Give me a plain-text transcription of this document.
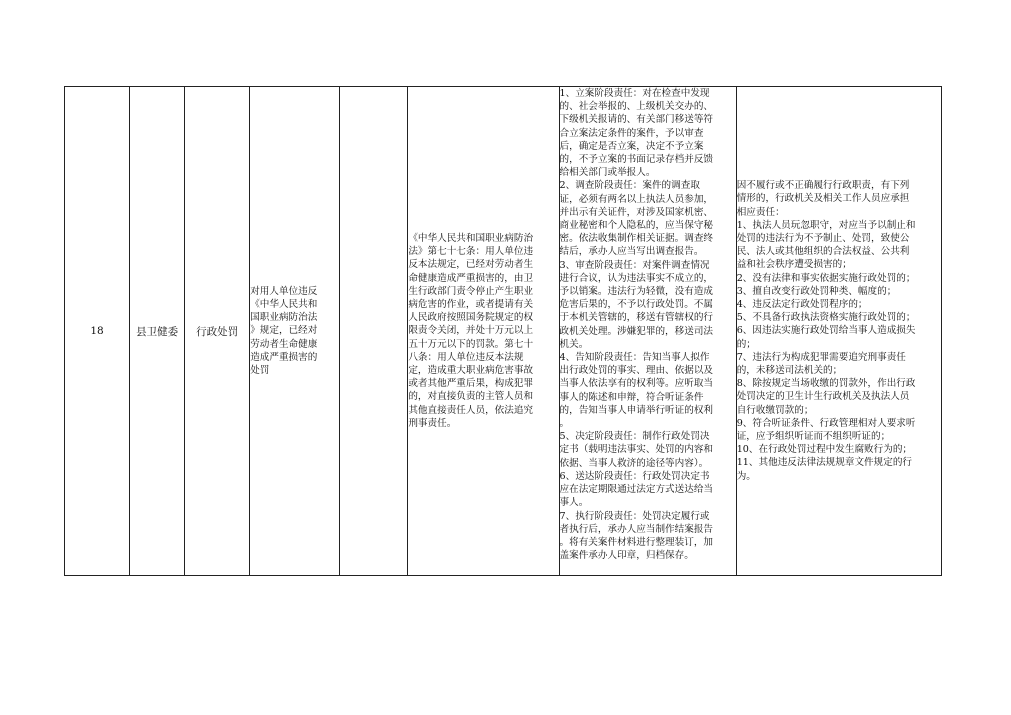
18	县卫健委	行政处罚	对用人单位违反
《中华人民共和
国职业病防治法
》规定，已经对
劳动者生命健康
造成严重损害的
处罚		《中华人民共和国职业病防治
法》第七十七条：用人单位违
反本法规定，已经对劳动者生
命健康造成严重损害的，由卫
生行政部门责令停止产生职业
病危害的作业，或者提请有关
人民政府按照国务院规定的权
限责令关闭，并处十万元以上
五十万元以下的罚款。第七十
八条：用人单位违反本法规
定，造成重大职业病危害事故
或者其他严重后果，构成犯罪
的，对直接负责的主管人员和
其他直接责任人员，依法追究
刑事责任。	1、立案阶段责任：对在检查中发现
的、社会举报的、上级机关交办的、
下级机关报请的、有关部门移送等符
合立案法定条件的案件，予以审查
后，确定是否立案，决定不予立案
的，不予立案的书面记录存档并反馈
给相关部门或举报人。
2、调查阶段责任：案件的调查取
证，必须有两名以上执法人员参加，
并出示有关证件，对涉及国家机密、
商业秘密和个人隐私的，应当保守秘
密。依法收集制作相关证据。调查终
结后，承办人应当写出调查报告。
3、审查阶段责任：对案件调查情况
进行合议，认为违法事实不成立的，
予以销案。违法行为轻微，没有造成
危害后果的，不予以行政处罚。不属
于本机关管辖的，移送有管辖权的行
政机关处理。涉嫌犯罪的，移送司法
机关。
4、告知阶段责任：告知当事人拟作
出行政处罚的事实、理由、依据以及
当事人依法享有的权利等。应听取当
事人的陈述和申辩，符合听证条件
的，告知当事人申请举行听证的权利
。
5、决定阶段责任：制作行政处罚决
定书（载明违法事实、处罚的内容和
依据、当事人救济的途径等内容）。
6、送达阶段责任：行政处罚决定书
应在法定期限通过法定方式送达给当
事人。
7、执行阶段责任：处罚决定履行或
者执行后，承办人应当制作结案报告
。将有关案件材料进行整理装订，加
盖案件承办人印章，归档保存。	因不履行或不正确履行行政职责，有下列
情形的，行政机关及相关工作人员应承担
相应责任：
1、执法人员玩忽职守，对应当予以制止和
处罚的违法行为不予制止、处罚，致使公
民、法人或其他组织的合法权益、公共利
益和社会秩序遭受损害的；
2、没有法律和事实依据实施行政处罚的；
3、擅自改变行政处罚种类、幅度的；
4、违反法定行政处罚程序的；
5、不具备行政执法资格实施行政处罚的；
6、因违法实施行政处罚给当事人造成损失
的；
7、违法行为构成犯罪需要追究刑事责任
的，未移送司法机关的；
8、除按规定当场收缴的罚款外，作出行政
处罚决定的卫生计生行政机关及执法人员
自行收缴罚款的；
9、符合听证条件、行政管理相对人要求听
证，应予组织听证而不组织听证的；
10、在行政处罚过程中发生腐败行为的；
11、其他违反法律法规规章文件规定的行
为。
